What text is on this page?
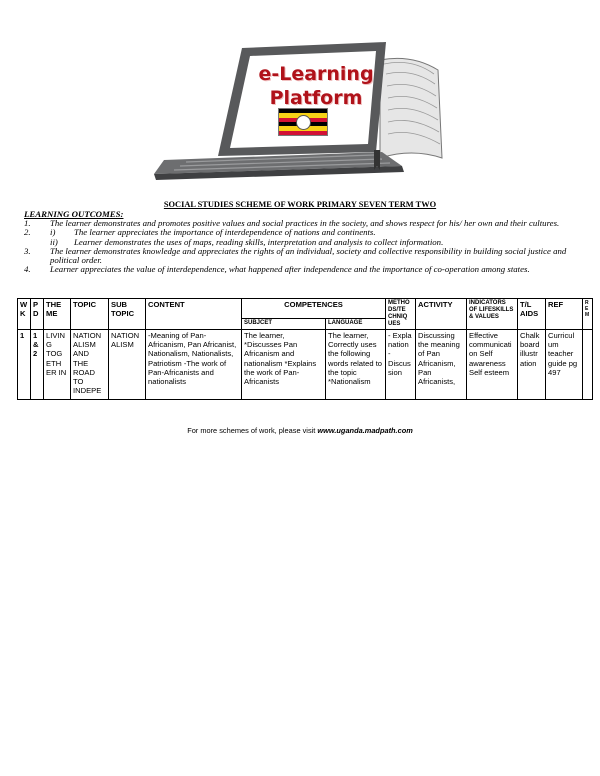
e-Learning
Platform
SOCIAL STUDIES SCHEME OF WORK PRIMARY SEVEN TERM TWO
LEARNING OUTCOMES:
1.	The learner demonstrates and promotes positive values and social practices in the society, and shows respect for his/ her own and their cultures.
2.	i)	The learner appreciates the importance of interdependence of nations and continents.
ii)	Learner demonstrates the uses of maps, reading skills, interpretation and analysis to collect information.
3.	The learner demonstrates knowledge and appreciates the rights of an individual, society and collective responsibility in building social justice and political order.
4.	Learner appreciates the value of interdependence, what happened after independence and the importance of co-operation among states.
W K	P D	THE ME	TOPIC	SUB TOPIC	CONTENT	COMPETENCES		METHO DS/TE CHNIQ UES	ACTIVITY	INDICATORS OF LIFESKILLS & VALUES	T/L AIDS	REF	R E M
						SUBJCET	LANGUAGE						
1	1 & 2	LIVIN G TOG ETH ER IN	NATION ALISM AND THE ROAD TO INDEPE	NATION ALISM	-Meaning of Pan-Africanism, Pan Africanist, Nationalism, Nationalists, Patriotism -The work of Pan-Africanists and nationalists	The learner, *Discusses Pan Africanism and nationalism *Explains the work of Pan-Africanists	The learner, Correctly uses the following words related to the topic *Nationalism	- Expla nation - Discus sion	Discussing the meaning of Pan Africanism, Pan Africanists,	Effective communicati on Self awareness Self esteem	Chalk board illustr ation	Curricul um teacher guide pg 497	
For more schemes of work, please visit www.uganda.madpath.com
